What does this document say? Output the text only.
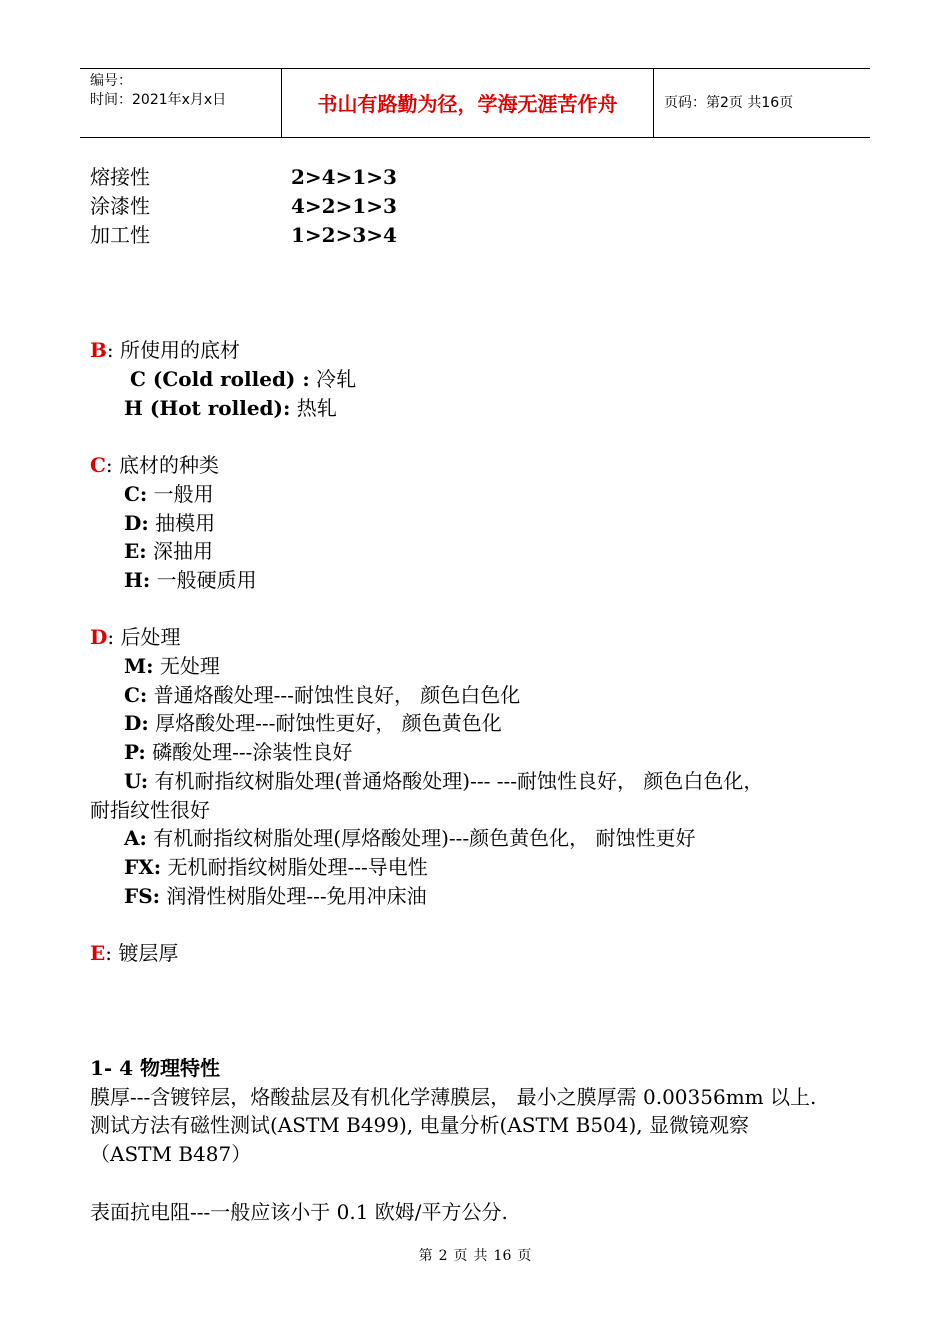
编号：
时间：2021年x月x日	书山有路勤为径，学海无涯苦作舟	页码：第2页 共16页
熔接性	2>4>1>3
涂漆性	4>2>1>3
加工性	1>2>3>4
B: 所使用的底材
C (Cold rolled) : 冷轧
H (Hot rolled): 热轧
C: 底材的种类
C: 一般用
D: 抽模用
E: 深抽用
H: 一般硬质用
D: 后处理
M: 无处理
C: 普通烙酸处理---耐蚀性良好， 颜色白色化
D: 厚烙酸处理---耐蚀性更好， 颜色黄色化
P: 磷酸处理---涂装性良好
U: 有机耐指纹树脂处理(普通烙酸处理)--- ---耐蚀性良好， 颜色白色化，
耐指纹性很好
A: 有机耐指纹树脂处理(厚烙酸处理)---颜色黄色化， 耐蚀性更好
FX: 无机耐指纹树脂处理---导电性
FS: 润滑性树脂处理---免用冲床油
E: 镀层厚
1- 4 物理特性
膜厚---含镀锌层，烙酸盐层及有机化学薄膜层， 最小之膜厚需 0.00356mm 以上.
测试方法有磁性测试(ASTM B499), 电量分析(ASTM B504), 显微镜观察
（ASTM B487）
表面抗电阻---一般应该小于 0.1 欧姆/平方公分.
第 2 页 共 16 页
